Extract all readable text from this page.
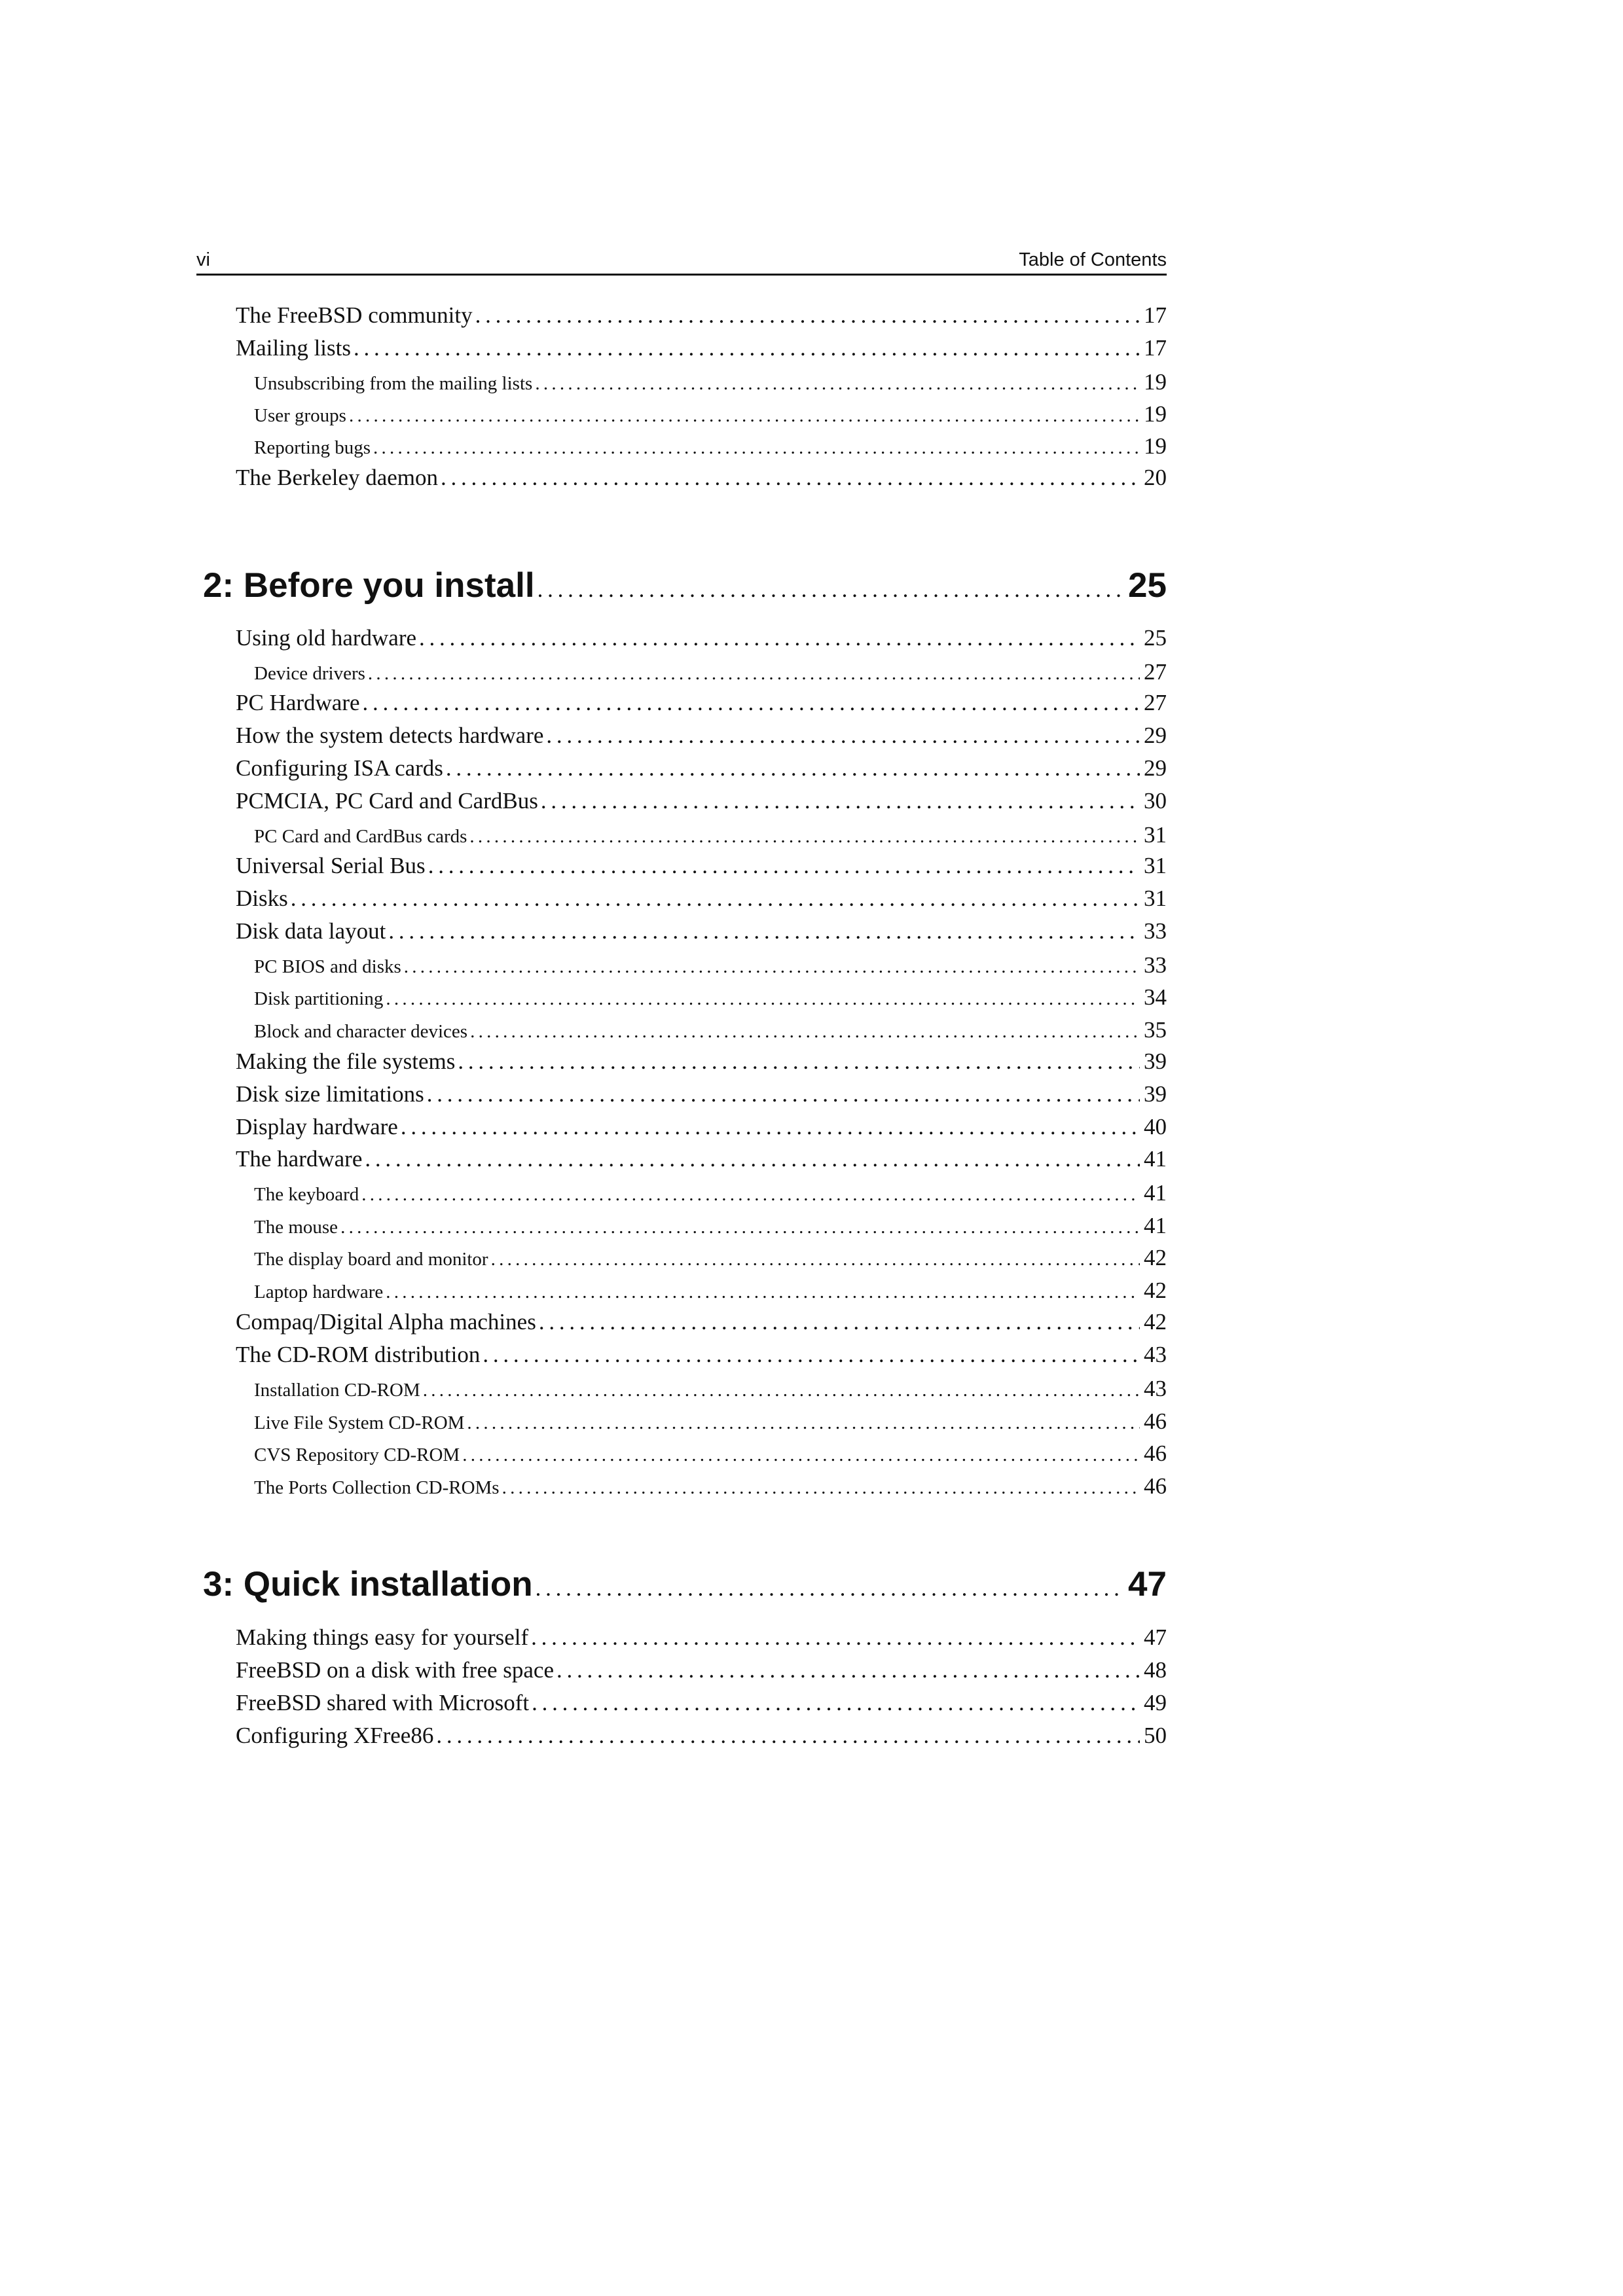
vi	Table of Contents
The FreeBSD community . . .	17
Mailing lists . . .	17
Unsubscribing from the mailing lists . . .	19
User groups . . .	19
Reporting bugs . . .	19
The Berkeley daemon . . .	20
2: Before you install . . .	25
Using old hardware . . .	25
Device drivers . . .	27
PC Hardware . . .	27
How the system detects hardware . . .	29
Configuring ISA cards . . .	29
PCMCIA, PC Card and CardBus . . .	30
PC Card and CardBus cards . . .	31
Universal Serial Bus . . .	31
Disks . . .	31
Disk data layout . . .	33
PC BIOS and disks . . .	33
Disk partitioning . . .	34
Block and character devices . . .	35
Making the file systems . . .	39
Disk size limitations . . .	39
Display hardware . . .	40
The hardware . . .	41
The keyboard . . .	41
The mouse . . .	41
The display board and monitor . . .	42
Laptop hardware . . .	42
Compaq/Digital Alpha machines . . .	42
The CD-ROM distribution . . .	43
Installation CD-ROM . . .	43
Live File System CD-ROM . . .	46
CVS Repository CD-ROM . . .	46
The Ports Collection CD-ROMs . . .	46
3: Quick installation . . .	47
Making things easy for yourself . . .	47
FreeBSD on a disk with free space . . .	48
FreeBSD shared with Microsoft . . .	49
Configuring XFree86 . . .	50
